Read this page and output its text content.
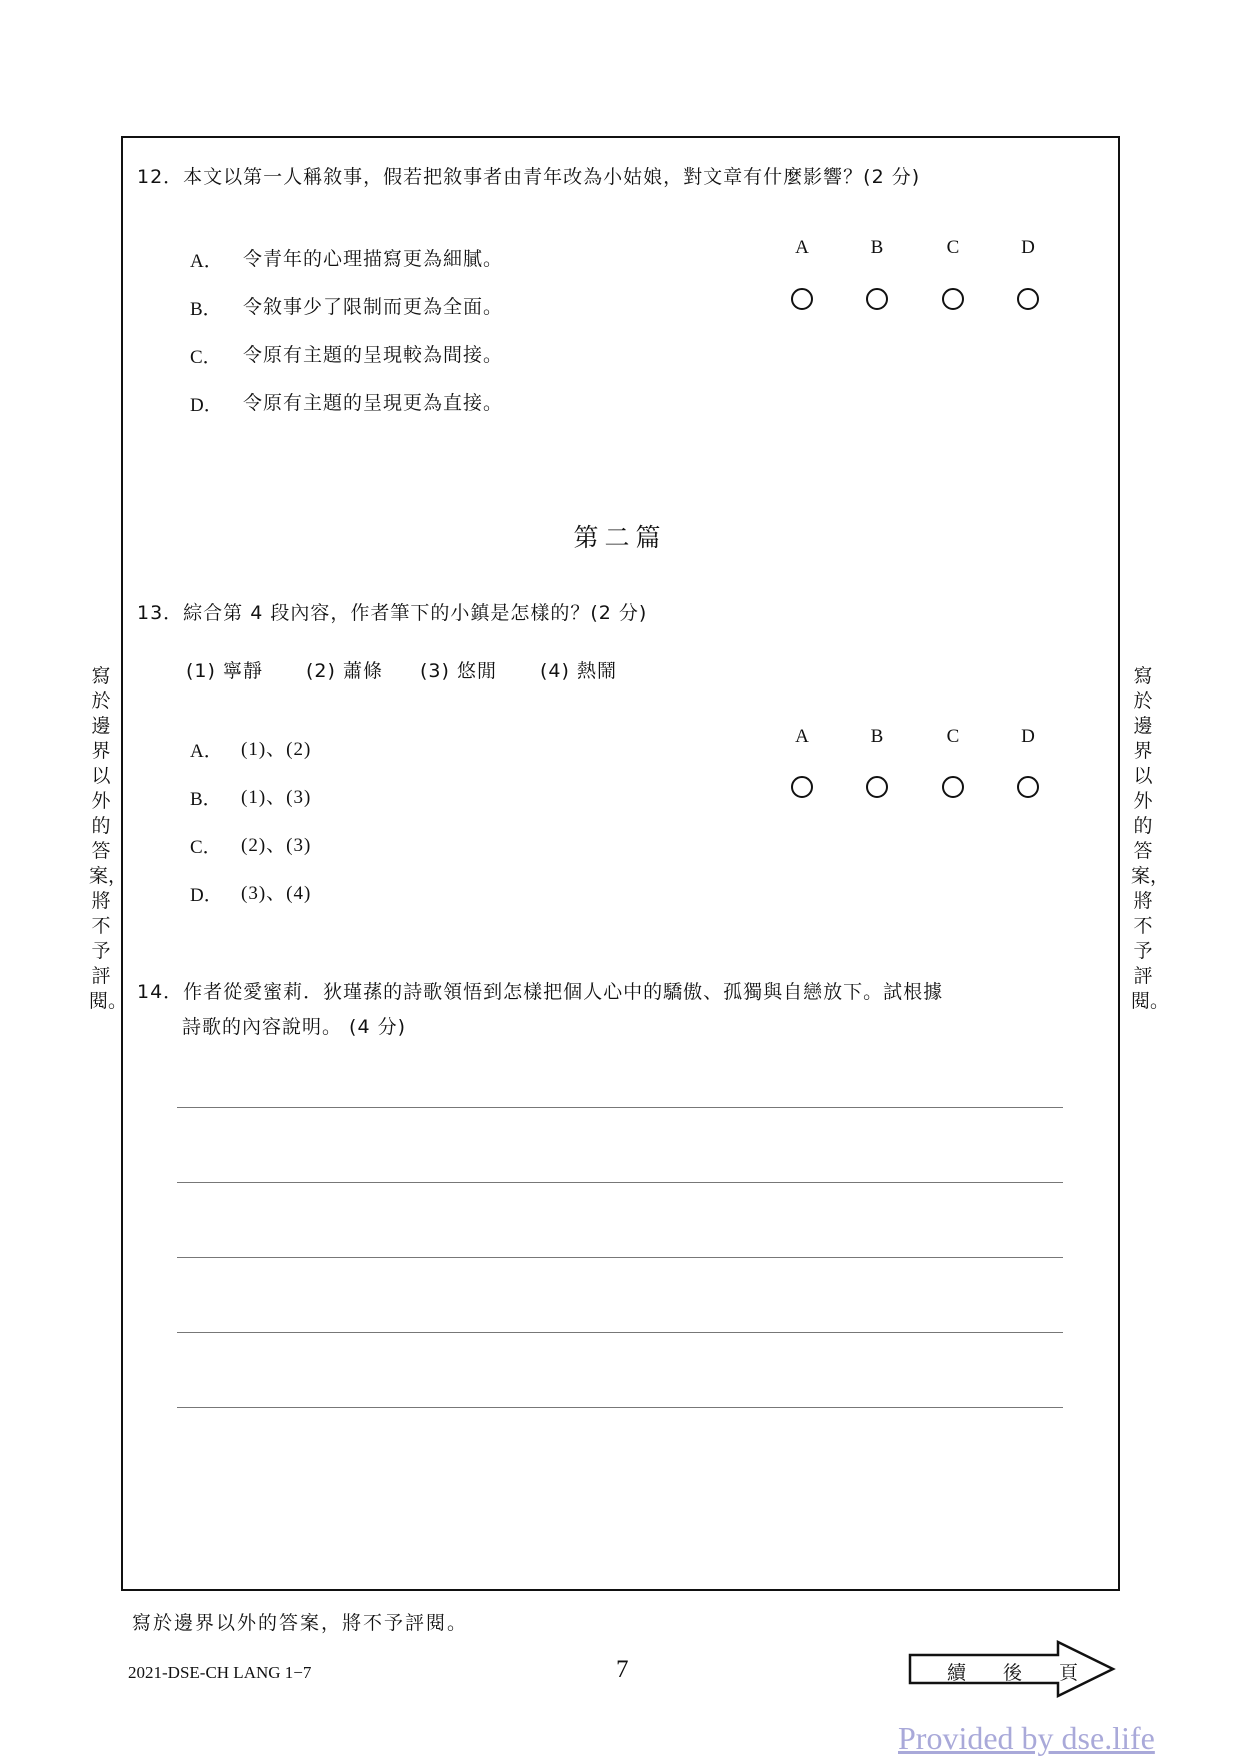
12．本文以第一人稱敘事，假若把敘事者由青年改為小姑娘，對文章有什麼影響？(2 分)
A． 令青年的心理描寫更為細膩。
B． 令敘事少了限制而更為全面。
C． 令原有主題的呈現較為間接。
D． 令原有主題的呈現更為直接。
A	B	C	D
第二篇
13．綜合第 4 段內容，作者筆下的小鎮是怎樣的？(2 分)
(1) 寧靜 (2) 蕭條 (3) 悠閒 (4) 熱鬧
A． (1)、(2)
B． (1)、(3)
C． (2)、(3)
D． (3)、(4)
A	B	C	D
14．作者從愛蜜莉．狄瑾蓀的詩歌領悟到怎樣把個人心中的驕傲、孤獨與自戀放下。試根據
詩歌的內容說明。 (4 分)
寫於邊界以外的答案，將不予評閱。
寫於邊界以外的答案，將不予評閱。
寫於邊界以外的答案，將不予評閱。
2021-DSE-CH LANG 1−7	7	續 後 頁
Provided by dse.life
